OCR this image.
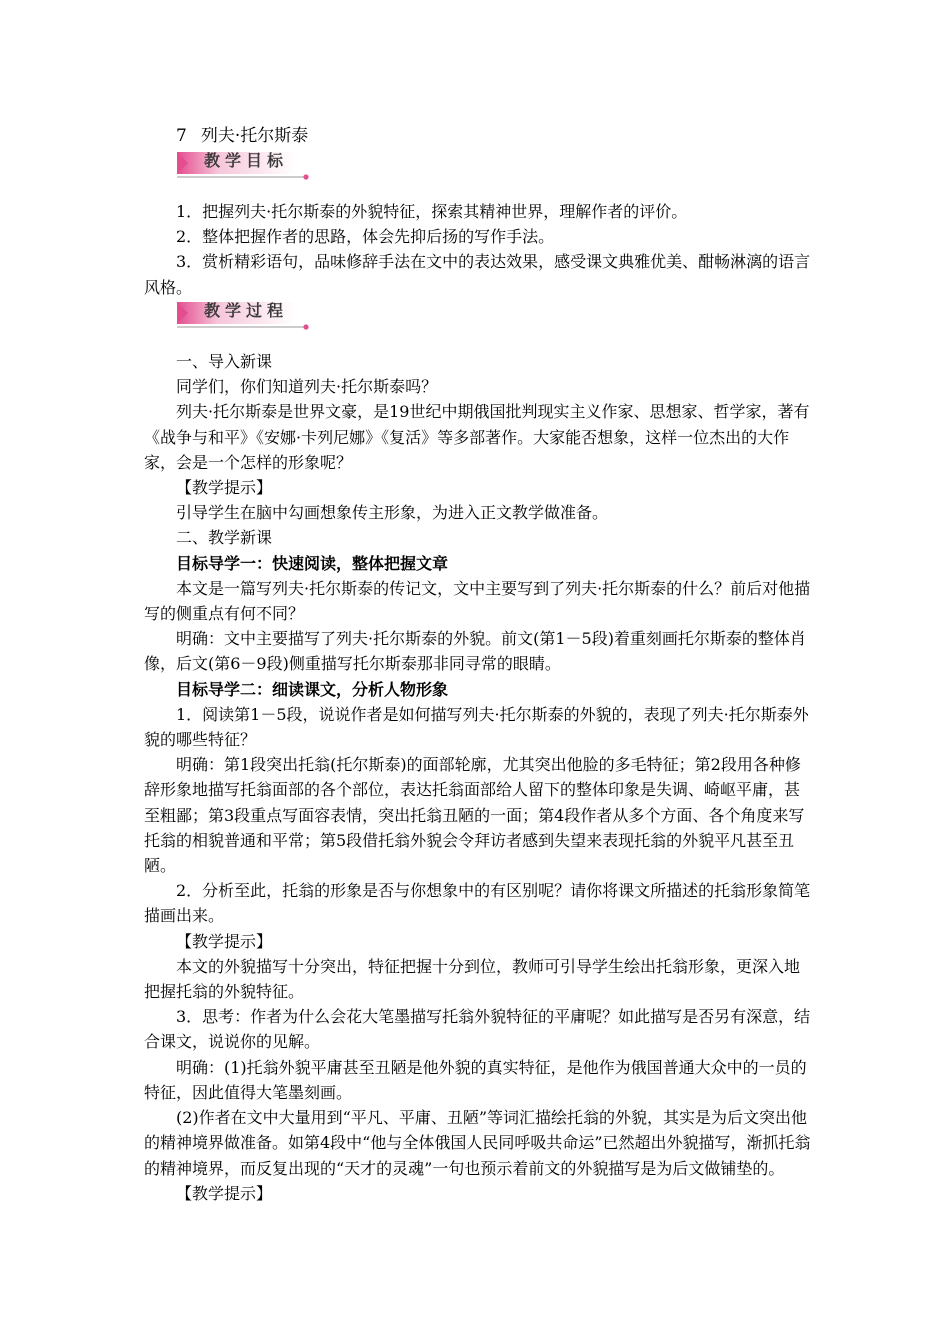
7 列夫·托尔斯泰
教学目标

1．把握列夫·托尔斯泰的外貌特征，探索其精神世界，理解作者的评价。

2．整体把握作者的思路，体会先抑后扬的写作手法。

3．赏析精彩语句，品味修辞手法在文中的表达效果，感受课文典雅优美、酣畅淋漓的语言风格。

教学过程

一、导入新课

同学们，你们知道列夫·托尔斯泰吗？

列夫·托尔斯泰是世界文豪，是19世纪中期俄国批判现实主义作家、思想家、哲学家，著有《战争与和平》《安娜·卡列尼娜》《复活》等多部著作。大家能否想象，这样一位杰出的大作家，会是一个怎样的形象呢？

【教学提示】

引导学生在脑中勾画想象传主形象，为进入正文教学做准备。

二、教学新课

目标导学一：快速阅读，整体把握文章

本文是一篇写列夫·托尔斯泰的传记文，文中主要写到了列夫·托尔斯泰的什么？前后对他描写的侧重点有何不同？

明确：文中主要描写了列夫·托尔斯泰的外貌。前文(第1－5段)着重刻画托尔斯泰的整体肖像，后文(第6－9段)侧重描写托尔斯泰那非同寻常的眼睛。

目标导学二：细读课文，分析人物形象

1．阅读第1－5段，说说作者是如何描写列夫·托尔斯泰的外貌的，表现了列夫·托尔斯泰外貌的哪些特征？

明确：第1段突出托翁(托尔斯泰)的面部轮廓，尤其突出他脸的多毛特征；第2段用各种修辞形象地描写托翁面部的各个部位，表达托翁面部给人留下的整体印象是失调、崎岖平庸，甚至粗鄙；第3段重点写面容表情，突出托翁丑陋的一面；第4段作者从多个方面、各个角度来写托翁的相貌普通和平常；第5段借托翁外貌会令拜访者感到失望来表现托翁的外貌平凡甚至丑陋。

2．分析至此，托翁的形象是否与你想象中的有区别呢？请你将课文所描述的托翁形象简笔描画出来。

【教学提示】

本文的外貌描写十分突出，特征把握十分到位，教师可引导学生绘出托翁形象，更深入地把握托翁的外貌特征。

3．思考：作者为什么会花大笔墨描写托翁外貌特征的平庸呢？如此描写是否另有深意，结合课文，说说你的见解。

明确：(1)托翁外貌平庸甚至丑陋是他外貌的真实特征，是他作为俄国普通大众中的一员的特征，因此值得大笔墨刻画。

(2)作者在文中大量用到“平凡、平庸、丑陋”等词汇描绘托翁的外貌，其实是为后文突出他的精神境界做准备。如第4段中“他与全体俄国人民同呼吸共命运”已然超出外貌描写，渐抓托翁的精神境界，而反复出现的“天才的灵魂”一句也预示着前文的外貌描写是为后文做铺垫的。

【教学提示】
